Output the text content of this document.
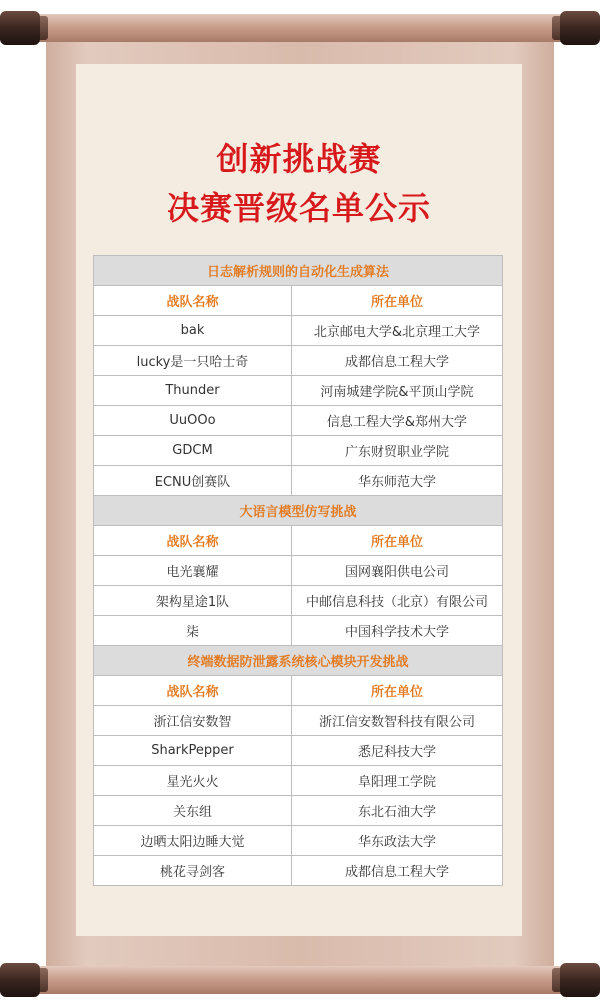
创新挑战赛
决赛晋级名单公示
日志解析规则的自动化生成算法	
战队名称	所在单位
bak	北京邮电大学&北京理工大学
lucky是一只哈士奇	成都信息工程大学
Thunder	河南城建学院&平顶山学院
UuOOo	信息工程大学&郑州大学
GDCM	广东财贸职业学院
ECNU创赛队	华东师范大学
大语言模型仿写挑战	
战队名称	所在单位
电光襄耀	国网襄阳供电公司
架构星途1队	中邮信息科技（北京）有限公司
柒	中国科学技术大学
终端数据防泄露系统核心模块开发挑战	
战队名称	所在单位
浙江信安数智	浙江信安数智科技有限公司
SharkPepper	悉尼科技大学
星光火火	阜阳理工学院
关东组	东北石油大学
边晒太阳边睡大觉	华东政法大学
桃花寻剑客	成都信息工程大学
